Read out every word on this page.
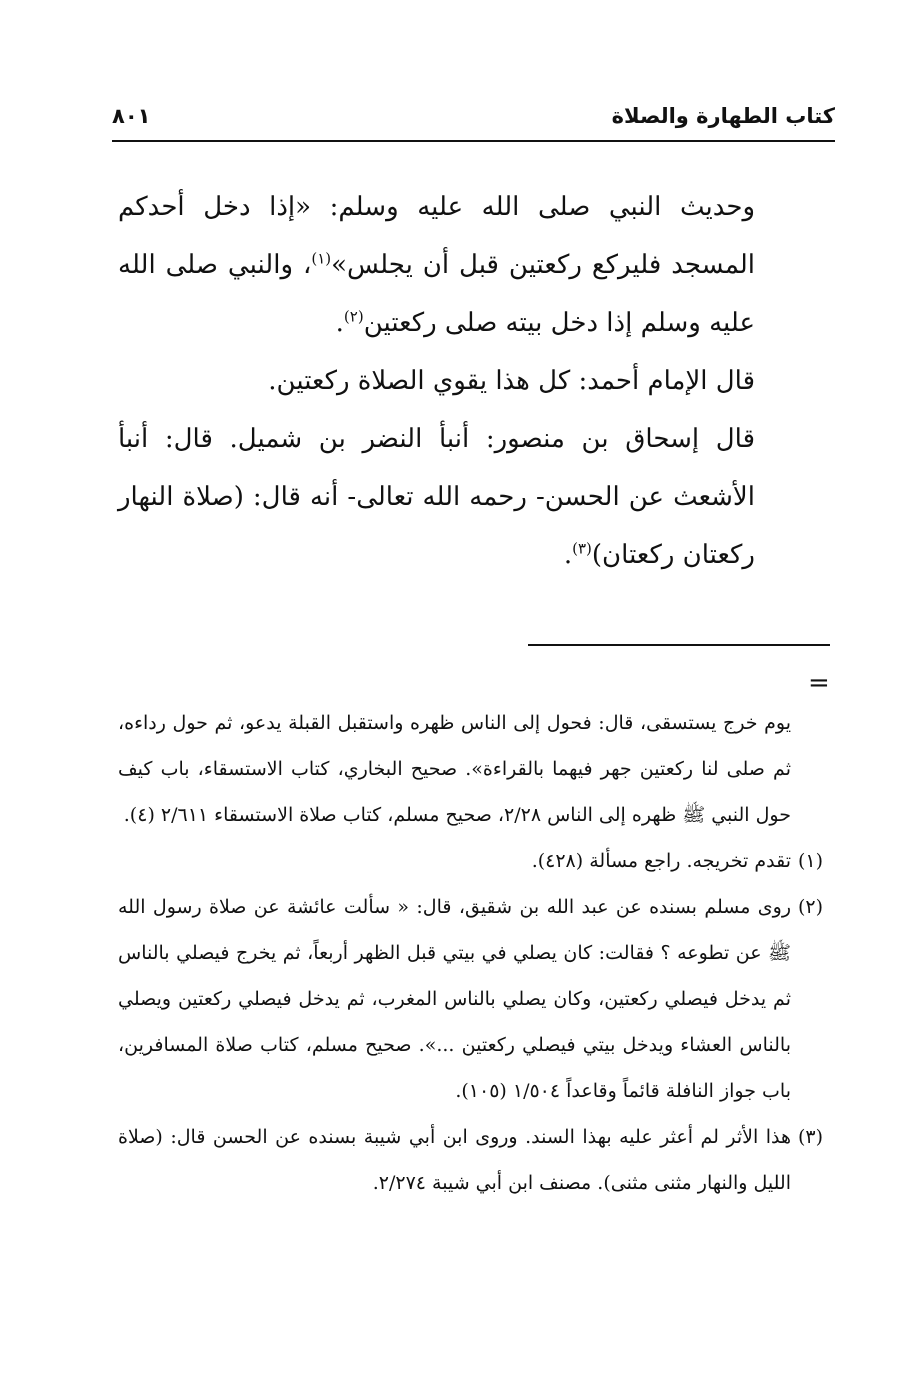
كتاب الطهارة والصلاة
٨٠١

وحديث النبي صلى الله عليه وسلم: «إذا دخل أحدكم المسجد فليركع ركعتين قبل أن يجلس»$^{(١)}$، والنبي صلى الله عليه وسلم إذا دخل بيته صلى ركعتين$^{(٢)}$.

قال الإمام أحمد: كل هذا يقوي الصلاة ركعتين.

قال إسحاق بن منصور: أنبأ النضر بن شميل. قال: أنبأ الأشعث عن الحسن- رحمه الله تعالى- أنه قال: (صلاة النهار ركعتان ركعتان)$^{(٣)}$.

=

يوم خرج يستسقى، قال: فحول إلى الناس ظهره واستقبل القبلة يدعو، ثم حول رداءه، ثم صلى لنا ركعتين جهر فيهما بالقراءة». صحيح البخاري، كتاب الاستسقاء، باب كيف حول النبي ﷺ ظهره إلى الناس ٢/٢٨، صحيح مسلم، كتاب صلاة الاستسقاء ٢/٦١١ (٤).

(١)
تقدم تخريجه. راجع مسألة (٤٢٨).

(٢)
روى مسلم بسنده عن عبد الله بن شقيق، قال: « سألت عائشة عن صلاة رسول الله ﷺ عن تطوعه ؟ فقالت: كان يصلي في بيتي قبل الظهر أربعاً، ثم يخرج فيصلي بالناس ثم يدخل فيصلي ركعتين، وكان يصلي بالناس المغرب، ثم يدخل فيصلي ركعتين ويصلي بالناس العشاء ويدخل بيتي فيصلي ركعتين ...». صحيح مسلم، كتاب صلاة المسافرين، باب جواز النافلة قائماً وقاعداً ١/٥٠٤ (١٠٥).

(٣)
هذا الأثر لم أعثر عليه بهذا السند. وروى ابن أبي شيبة بسنده عن الحسن قال: (صلاة الليل والنهار مثنى مثنى). مصنف ابن أبي شيبة ٢/٢٧٤.
